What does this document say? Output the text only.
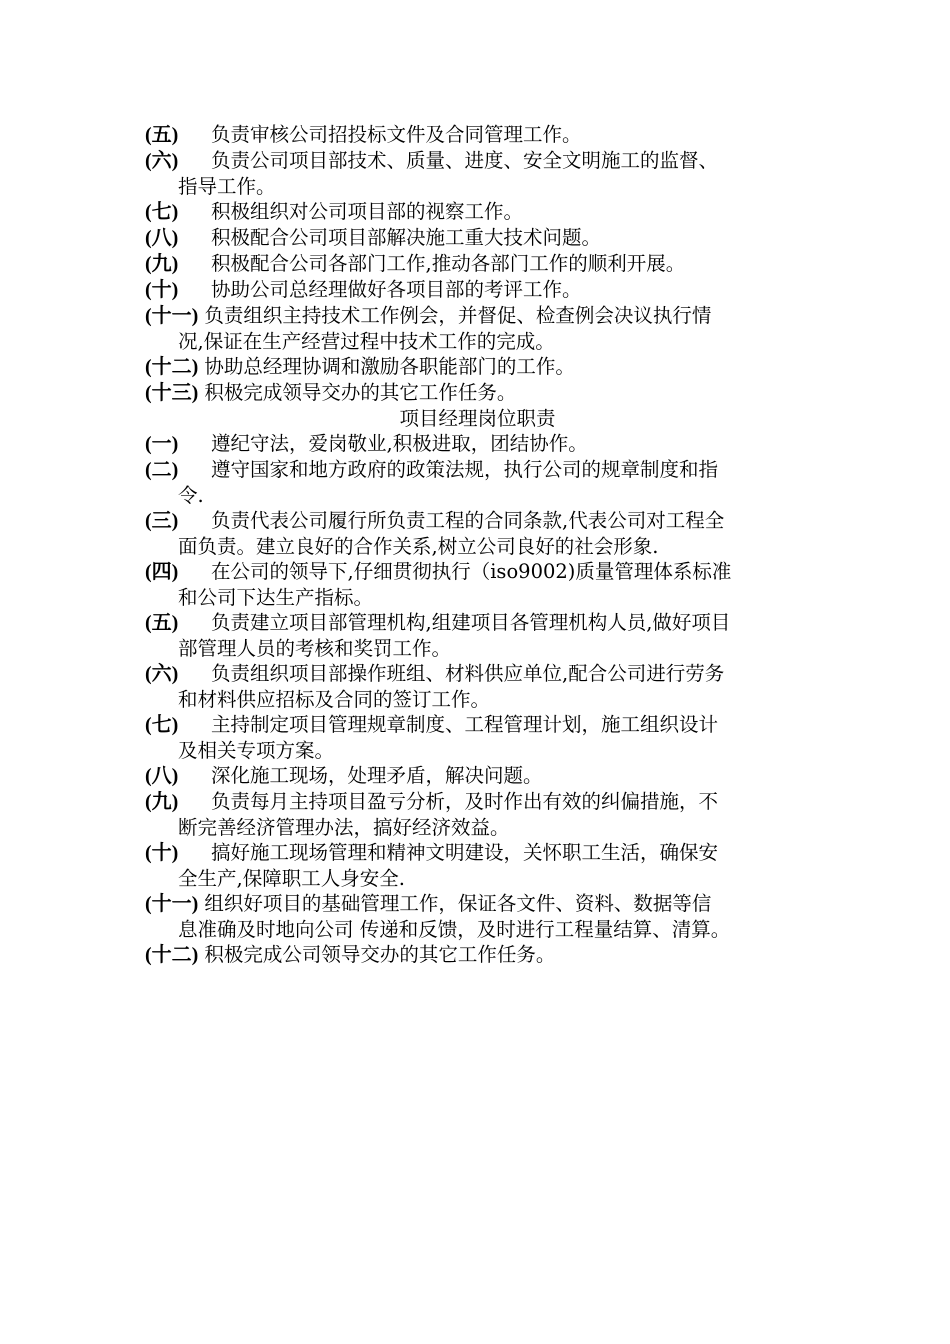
(五) 负责审核公司招投标文件及合同管理工作。
(六) 负责公司项目部技术、质量、进度、安全文明施工的监督、
指导工作。
(七) 积极组织对公司项目部的视察工作。
(八) 积极配合公司项目部解决施工重大技术问题。
(九) 积极配合公司各部门工作,推动各部门工作的顺利开展。
(十) 协助公司总经理做好各项目部的考评工作。
(十一) 负责组织主持技术工作例会，并督促、检查例会决议执行情
况,保证在生产经营过程中技术工作的完成。
(十二) 协助总经理协调和激励各职能部门的工作。
(十三) 积极完成领导交办的其它工作任务。
项目经理岗位职责
(一) 遵纪守法，爱岗敬业,积极进取，团结协作。
(二) 遵守国家和地方政府的政策法规，执行公司的规章制度和指
令.
(三) 负责代表公司履行所负责工程的合同条款,代表公司对工程全
面负责。建立良好的合作关系,树立公司良好的社会形象.
(四) 在公司的领导下,仔细贯彻执行（iso9002)质量管理体系标准
和公司下达生产指标。
(五) 负责建立项目部管理机构,组建项目各管理机构人员,做好项目
部管理人员的考核和奖罚工作。
(六) 负责组织项目部操作班组、材料供应单位,配合公司进行劳务
和材料供应招标及合同的签订工作。
(七) 主持制定项目管理规章制度、工程管理计划，施工组织设计
及相关专项方案。
(八) 深化施工现场，处理矛盾，解决问题。
(九) 负责每月主持项目盈亏分析，及时作出有效的纠偏措施，不
断完善经济管理办法，搞好经济效益。
(十) 搞好施工现场管理和精神文明建设，关怀职工生活，确保安
全生产,保障职工人身安全.
(十一) 组织好项目的基础管理工作，保证各文件、资料、数据等信
息准确及时地向公司 传递和反馈，及时进行工程量结算、清算。
(十二) 积极完成公司领导交办的其它工作任务。
